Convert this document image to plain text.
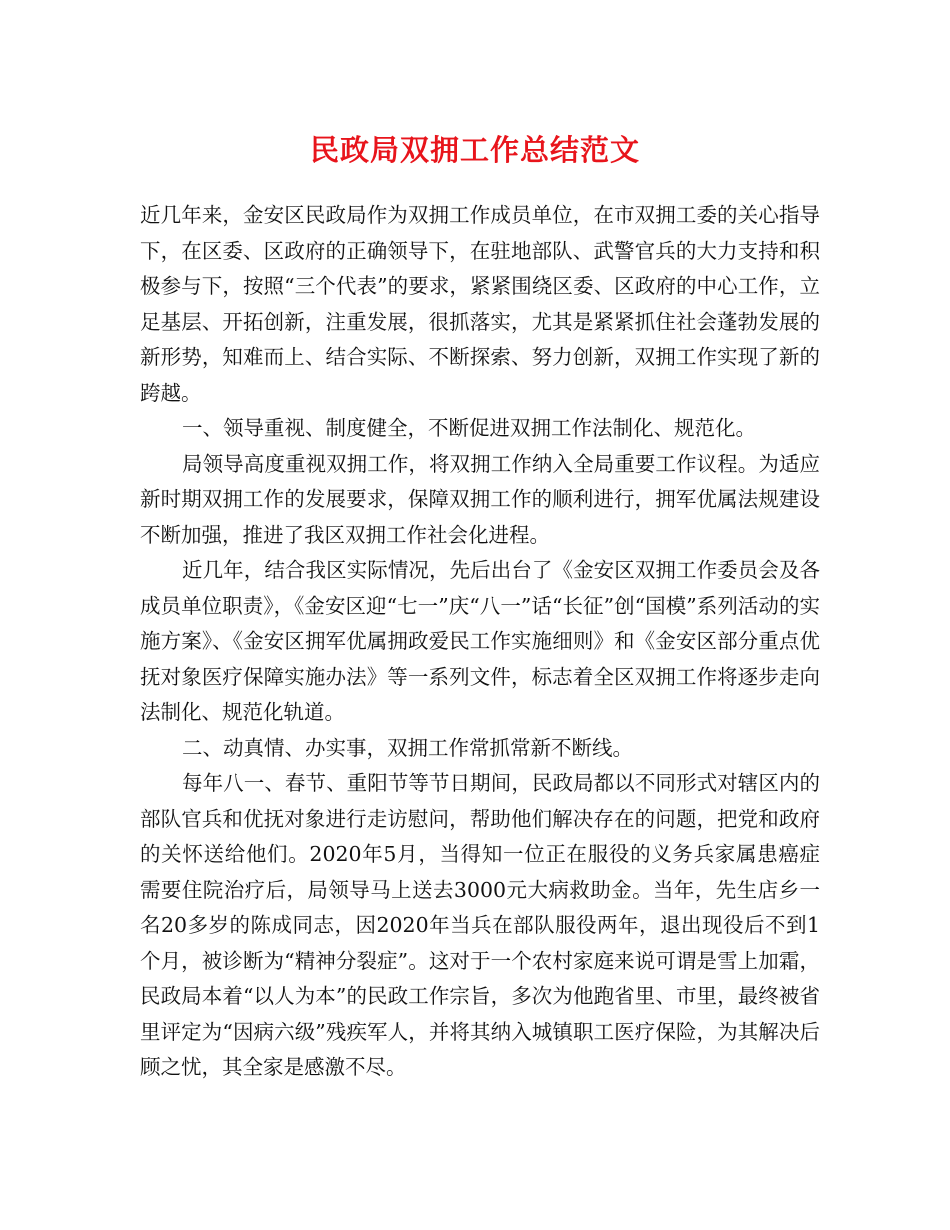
民政局双拥工作总结范文

近几年来，金安区民政局作为双拥工作成员单位，在市双拥工委的关心指导下，在区委、区政府的正确领导下，在驻地部队、武警官兵的大力支持和积极参与下，按照“三个代表”的要求，紧紧围绕区委、区政府的中心工作，立足基层、开拓创新，注重发展，很抓落实，尤其是紧紧抓住社会蓬勃发展的新形势，知难而上、结合实际、不断探索、努力创新，双拥工作实现了新的跨越。

一、领导重视、制度健全，不断促进双拥工作法制化、规范化。

局领导高度重视双拥工作，将双拥工作纳入全局重要工作议程。为适应新时期双拥工作的发展要求，保障双拥工作的顺利进行，拥军优属法规建设不断加强，推进了我区双拥工作社会化进程。

近几年，结合我区实际情况，先后出台了《金安区双拥工作委员会及各成员单位职责》，《金安区迎“七一”庆“八一”话“长征”创“国模”系列活动的实施方案》、《金安区拥军优属拥政爱民工作实施细则》和《金安区部分重点优抚对象医疗保障实施办法》等一系列文件，标志着全区双拥工作将逐步走向法制化、规范化轨道。

二、动真情、办实事，双拥工作常抓常新不断线。

每年八一、春节、重阳节等节日期间，民政局都以不同形式对辖区内的部队官兵和优抚对象进行走访慰问，帮助他们解决存在的问题，把党和政府的关怀送给他们。2020年5月，当得知一位正在服役的义务兵家属患癌症需要住院治疗后，局领导马上送去3000元大病救助金。当年，先生店乡一名20多岁的陈成同志，因2020年当兵在部队服役两年，退出现役后不到1个月，被诊断为“精神分裂症”。这对于一个农村家庭来说可谓是雪上加霜，民政局本着“以人为本”的民政工作宗旨，多次为他跑省里、市里，最终被省里评定为“因病六级”残疾军人，并将其纳入城镇职工医疗保险，为其解决后顾之忧，其全家是感激不尽。
